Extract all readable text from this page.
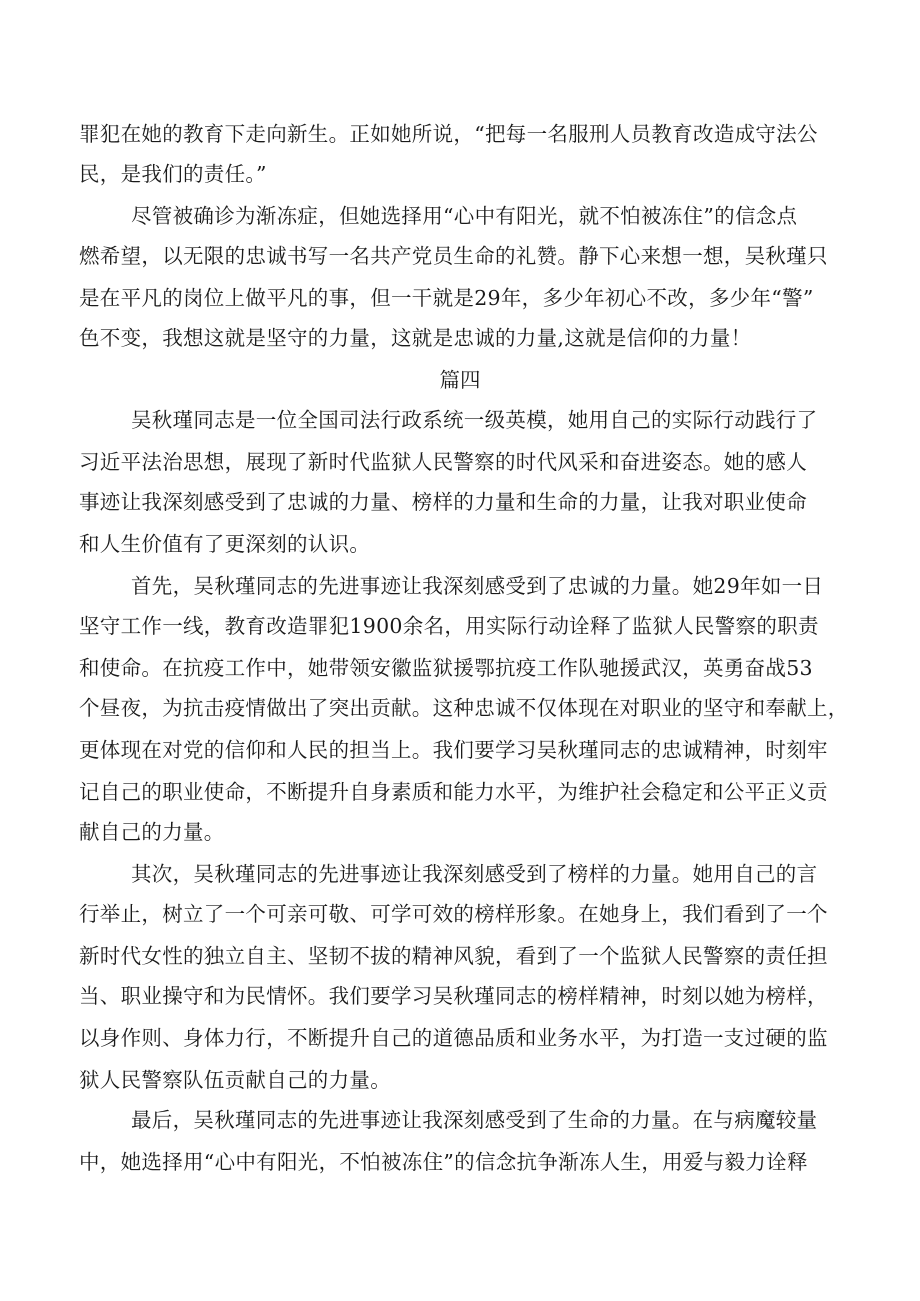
罪犯在她的教育下走向新生。正如她所说，“把每一名服刑人员教育改造成守法公
民，是我们的责任。”
尽管被确诊为渐冻症，但她选择用“心中有阳光，就不怕被冻住”的信念点
燃希望，以无限的忠诚书写一名共产党员生命的礼赞。静下心来想一想，吴秋瑾只
是在平凡的岗位上做平凡的事，但一干就是29年，多少年初心不改，多少年“警”
色不变，我想这就是坚守的力量，这就是忠诚的力量,这就是信仰的力量！
篇四
吴秋瑾同志是一位全国司法行政系统一级英模，她用自己的实际行动践行了
习近平法治思想，展现了新时代监狱人民警察的时代风采和奋进姿态。她的感人
事迹让我深刻感受到了忠诚的力量、榜样的力量和生命的力量，让我对职业使命
和人生价值有了更深刻的认识。
首先，吴秋瑾同志的先进事迹让我深刻感受到了忠诚的力量。她29年如一日
坚守工作一线，教育改造罪犯1900余名，用实际行动诠释了监狱人民警察的职责
和使命。在抗疫工作中，她带领安徽监狱援鄂抗疫工作队驰援武汉，英勇奋战53
个昼夜，为抗击疫情做出了突出贡献。这种忠诚不仅体现在对职业的坚守和奉献上，
更体现在对党的信仰和人民的担当上。我们要学习吴秋瑾同志的忠诚精神，时刻牢
记自己的职业使命，不断提升自身素质和能力水平，为维护社会稳定和公平正义贡
献自己的力量。
其次，吴秋瑾同志的先进事迹让我深刻感受到了榜样的力量。她用自己的言
行举止，树立了一个可亲可敬、可学可效的榜样形象。在她身上，我们看到了一个
新时代女性的独立自主、坚韧不拔的精神风貌，看到了一个监狱人民警察的责任担
当、职业操守和为民情怀。我们要学习吴秋瑾同志的榜样精神，时刻以她为榜样，
以身作则、身体力行，不断提升自己的道德品质和业务水平，为打造一支过硬的监
狱人民警察队伍贡献自己的力量。
最后，吴秋瑾同志的先进事迹让我深刻感受到了生命的力量。在与病魔较量
中，她选择用“心中有阳光，不怕被冻住”的信念抗争渐冻人生，用爱与毅力诠释
